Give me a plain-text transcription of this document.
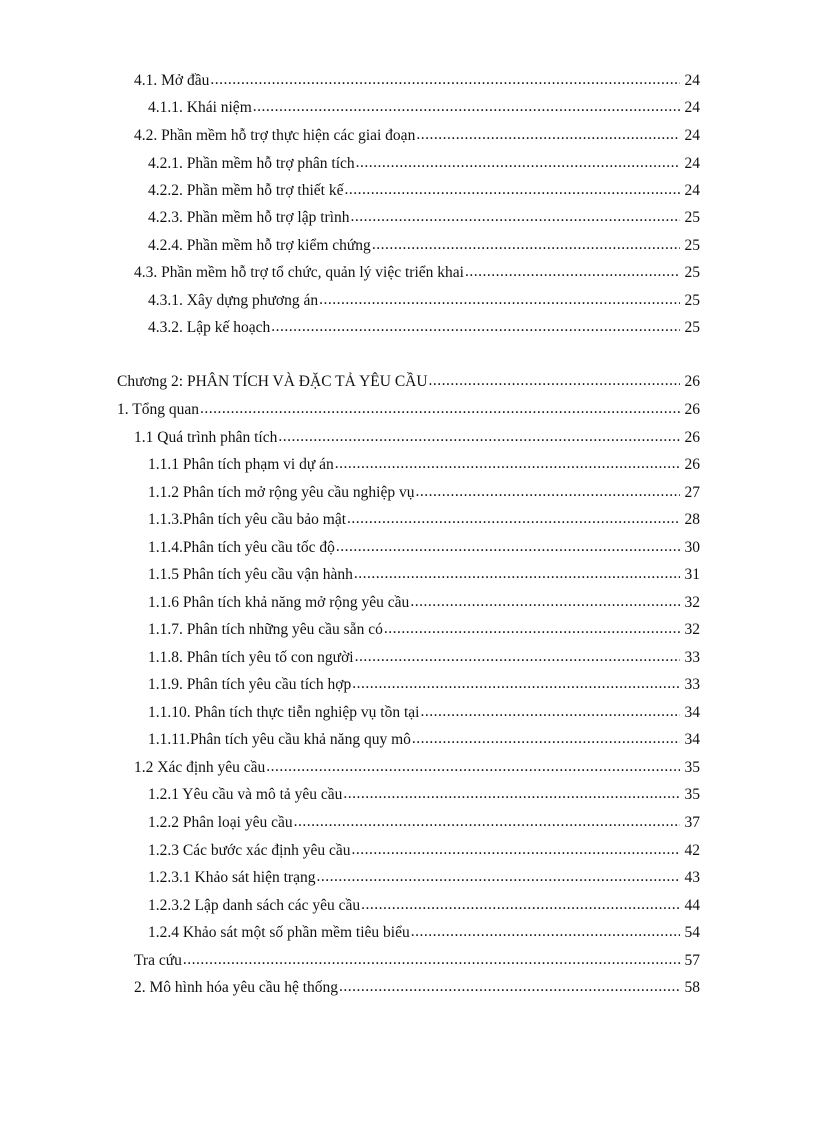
4.1. Mở đầu .....	24
4.1.1. Khái niệm .....	24
4.2. Phần mềm hỗ trợ thực hiện các giai đoạn .....	24
4.2.1. Phần mềm hỗ trợ phân tích .....	24
4.2.2. Phần mềm hỗ trợ thiết kế .....	24
4.2.3. Phần mềm hỗ trợ lập trình .....	25
4.2.4. Phần mềm hỗ trợ kiểm chứng .....	25
4.3. Phần mềm hỗ trợ tổ chức, quản lý việc triển khai .....	25
4.3.1. Xây dựng phương án .....	25
4.3.2. Lập kế hoạch .....	25
Chương 2: PHÂN TÍCH VÀ ĐẶC TẢ YÊU CẦU .....	26
1. Tổng quan .....	26
1.1 Quá trình phân tích .....	26
1.1.1 Phân tích phạm vi dự án .....	26
1.1.2 Phân tích mở rộng yêu cầu nghiệp vụ .....	27
1.1.3.Phân tích yêu cầu bảo mật .....	28
1.1.4.Phân tích yêu cầu tốc độ .....	30
1.1.5 Phân tích yêu cầu vận hành .....	31
1.1.6 Phân tích khả năng mở rộng yêu cầu .....	32
1.1.7. Phân tích những yêu cầu sẵn có .....	32
1.1.8. Phân tích yêu tố con người .....	33
1.1.9. Phân tích yêu cầu tích hợp .....	33
1.1.10. Phân tích thực tiễn nghiệp vụ tồn tại .....	34
1.1.11.Phân tích yêu cầu khả năng quy mô .....	34
1.2 Xác định yêu cầu .....	35
1.2.1 Yêu cầu và mô tả yêu cầu .....	35
1.2.2 Phân loại yêu cầu .....	37
1.2.3 Các bước xác định yêu cầu .....	42
1.2.3.1 Khảo sát hiện trạng .....	43
1.2.3.2 Lập danh sách các yêu cầu .....	44
1.2.4 Khảo sát một số phần mềm tiêu biểu .....	54
Tra cứu .....	57
2. Mô hình hóa yêu cầu hệ thống .....	58
